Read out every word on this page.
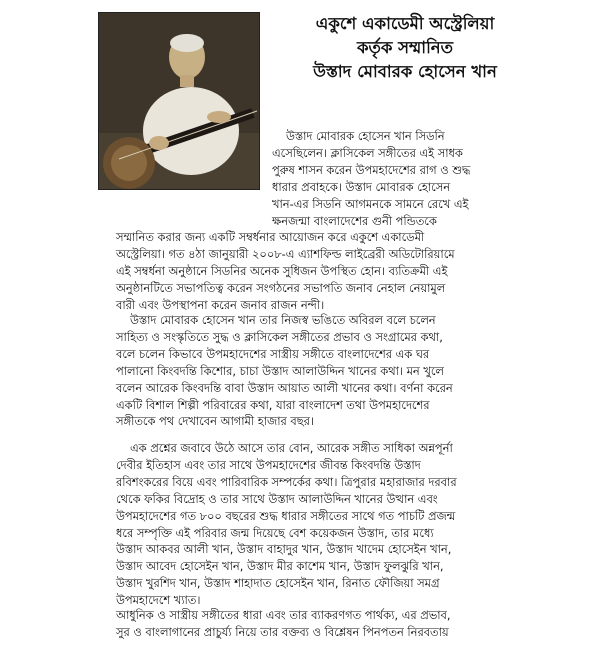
একুশে একাডেমী অস্ট্রেলিয়া
কর্তৃক সম্মানিত
উস্তাদ মোবারক হোসেন খান
উস্তাদ মোবারক হোসেন খান সিডনি
এসেছিলেন। ক্লাসিকেল সঙ্গীতের এই সাধক
পুরুষ শাসন করেন উপমহাদেশের রাগ ও শুদ্ধ
ধারার প্রবাহকে। উস্তাদ মোবারক হোসেন
খান-এর সিডনি আগমনকে সামনে রেখে এই
ক্ষনজন্মা বাংলাদেশের গুনী পন্ডিতকে
সম্মানিত করার জন্য একটি সম্বর্ধনার আয়োজন করে একুশে একাডেমী
অস্ট্রেলিয়া। গত ৪ঠা জানুয়ারী ২০০৮-এ এ্যাশফিল্ড লাইব্রেরী অডিটোরিয়ামে
এই সম্বর্ধনা অনুষ্ঠানে সিডনির অনেক সুধিজন উপস্থিত হোন। ব্যতিক্রমী এই
অনুষ্ঠানটিতে সভাপতিত্ব করেন সংগঠনের সভাপতি জনাব নেহাল নেয়ামুল
বারী এবং উপস্থাপনা করেন জনাব রাজন নন্দী।
উস্তাদ মোবারক হোসেন খান তার নিজস্ব ভঙিতে অবিরল বলে চলেন
সাহিত্য ও সংস্কৃতিতে সুদ্ধ ও ক্লাসিকেল সঙ্গীতের প্রভাব ও সংগ্রামের কথা,
বলে চলেন কিভাবে উপমহাদেশের সাস্ত্রীয় সঙ্গীতে বাংলাদেশের এক ঘর
পালানো কিংবদন্তি কিশোর, চাচা উস্তাদ আলাউদ্দিন খানের কথা। মন খুলে
বলেন আরেক কিংবদন্তি বাবা উস্তাদ আয়াত আলী খানের কথা। বর্ণনা করেন
একটি বিশাল শিল্পী পরিবারের কথা, যারা বাংলাদেশ তথা উপমহাদেশের
সঙ্গীতকে পথ দেখাবেন আগামী হাজার বছর।
এক প্রশ্নের জবাবে উঠে আসে তার বোন, আরেক সঙ্গীত সাধিকা অন্নপূর্না
দেবীর ইতিহাস এবং তার সাথে উপমহাদেশের জীবন্ত কিংবদন্তি উস্তাদ
রবিশংকরের বিয়ে এবং পারিবারিক সম্পর্কের কথা। ত্রিপুরার মহারাজার দরবার
থেকে ফকির বিদ্রোহ ও তার সাথে উস্তাদ আলাউদ্দিন খানের উত্থান এবং
উপমহাদেশের গত ৮০০ বছরের শুদ্ধ ধারার সঙ্গীতের সাথে গত পাচটি প্রজন্ম
ধরে সম্পৃক্তি এই পরিবার জন্ম দিয়েছে বেশ কয়েকজন উস্তাদ, তার মধ্যে
উস্তাদ আকবর আলী খান, উস্তাদ বাহাদুর খান, উস্তাদ খাদেম হোসেইন খান,
উস্তাদ আবেদ হোসেইন খান, উস্তাদ মীর কাশেম খান, উস্তাদ ফুলঝুরি খান,
উস্তাদ খুরশিদ খান, উস্তাদ শাহাদাত হোসেইন খান, রিনাত ফৌজিয়া সমগ্র
উপমহাদেশে খ্যাত।
আধুনিক ও সাস্ত্রীয় সঙ্গীতের ধারা এবং তার ব্যাকরণগত পার্থক্য, এর প্রভাব,
সুর ও বাংলাগানের প্রাচুর্য্য নিয়ে তার বক্তব্য ও বিশ্লেষন পিনপতন নিরবতায়
